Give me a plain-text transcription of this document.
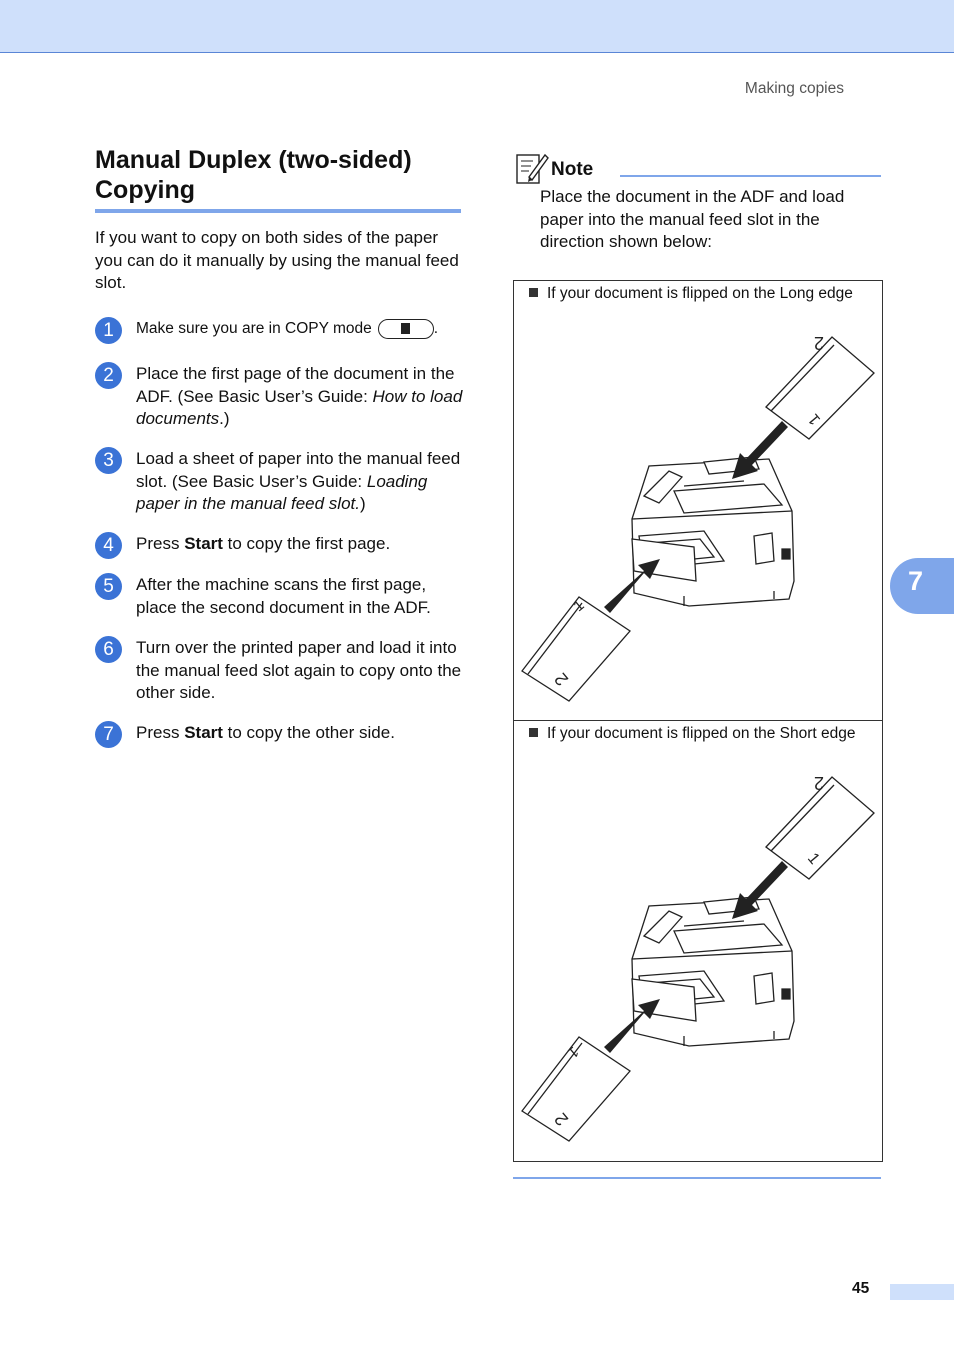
Making copies
7
Manual Duplex (two-sided) Copying

If you want to copy on both sides of the paper you can do it manually by using the manual feed slot.

1	Make sure you are in COPY mode	.
2	Place the first page of the document in the ADF. (See Basic User’s Guide: How to load documents.)
3	Load a sheet of paper into the manual feed slot. (See Basic User’s Guide: Loading paper in the manual feed slot.)
4	Press Start to copy the first page.
5	After the machine scans the first page, place the second document in the ADF.
6	Turn over the printed paper and load it into the manual feed slot again to copy onto the other side.
7	Press Start to copy the other side.
Note

Place the document in the ADF and load paper into the manual feed slot in the direction shown below:

If your document is flipped on the Long edge
2
1
1
2
If your document is flipped on the Short edge
2
1
1
2
45
